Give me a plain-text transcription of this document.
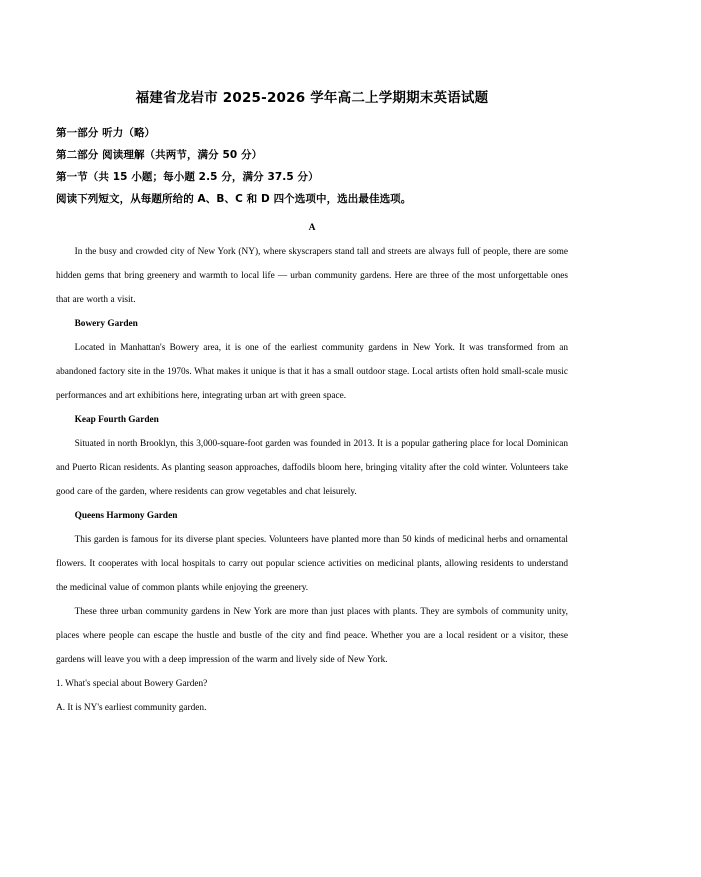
福建省龙岩市 2025-2026 学年高二上学期期末英语试题

第一部分 听力（略）

第二部分 阅读理解（共两节，满分 50 分）

第一节（共 15 小题；每小题 2.5 分，满分 37.5 分）

阅读下列短文，从每题所给的 A、B、C 和 D 四个选项中，选出最佳选项。

A

In the busy and crowded city of New York (NY), where skyscrapers stand tall and streets are always full of people, there are some hidden gems that bring greenery and warmth to local life — urban community gardens. Here are three of the most unforgettable ones that are worth a visit.

Bowery Garden

Located in Manhattan's Bowery area, it is one of the earliest community gardens in New York. It was transformed from an abandoned factory site in the 1970s. What makes it unique is that it has a small outdoor stage. Local artists often hold small-scale music performances and art exhibitions here, integrating urban art with green space.

Keap Fourth Garden

Situated in north Brooklyn, this 3,000-square-foot garden was founded in 2013. It is a popular gathering place for local Dominican and Puerto Rican residents. As planting season approaches, daffodils bloom here, bringing vitality after the cold winter. Volunteers take good care of the garden, where residents can grow vegetables and chat leisurely.

Queens Harmony Garden

This garden is famous for its diverse plant species. Volunteers have planted more than 50 kinds of medicinal herbs and ornamental flowers. It cooperates with local hospitals to carry out popular science activities on medicinal plants, allowing residents to understand the medicinal value of common plants while enjoying the greenery.

These three urban community gardens in New York are more than just places with plants. They are symbols of community unity, places where people can escape the hustle and bustle of the city and find peace. Whether you are a local resident or a visitor, these gardens will leave you with a deep impression of the warm and lively side of New York.

1. What's special about Bowery Garden?

A. It is NY's earliest community garden.
